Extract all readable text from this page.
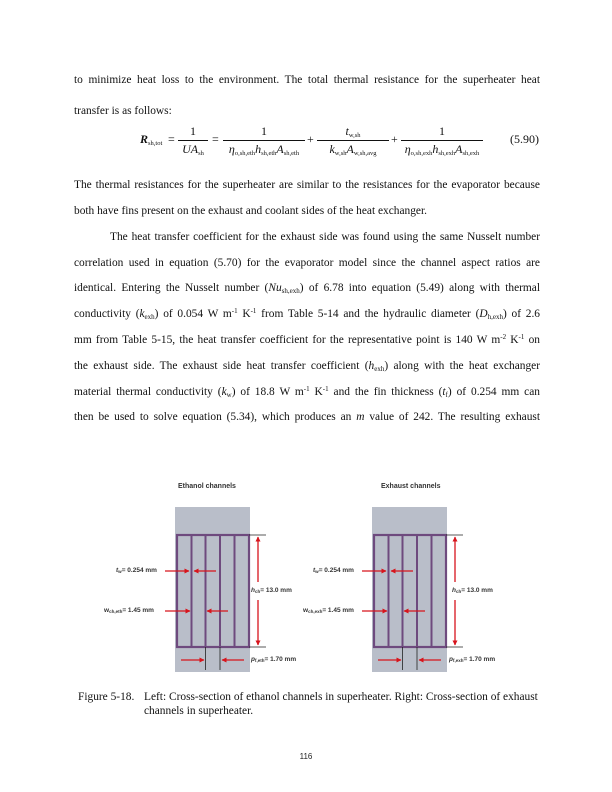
to minimize heat loss to the environment. The total thermal resistance for the superheater heat
transfer is as follows:
Rsh,tot =
1
UAsh
=
1
ηo,sh,ethhsh,ethAsh,eth
+
tw,sh
kw,shAw,sh,avg
+
1
ηo,sh,exhhsh,exhAsh,exh
(5.90)
The thermal resistances for the superheater are similar to the resistances for the evaporator because
both have fins present on the exhaust and coolant sides of the heat exchanger.
The heat transfer coefficient for the exhaust side was found using the same Nusselt number
correlation used in equation (5.70) for the evaporator model since the channel aspect ratios are
identical. Entering the Nusselt number $(Nu_{sh,exh})$ of 6.78 into equation (5.49) along with thermal
conductivity $(k_{exh})$ of 0.054 W $m^{-1}$ $K^{-1}$ from Table 5-14 and the hydraulic diameter $(D_{h,exh})$ of 2.6
mm from Table 5-15, the heat transfer coefficient for the representative point is 140 W $m^{-2}$ $K^{-1}$ on
the exhaust side. The exhaust side heat transfer coefficient $(h_{exh})$ along with the heat exchanger
material thermal conductivity $(k_w)$ of 18.8 W $m^{-1}$ $K^{-1}$ and the fin thickness $(t_f)$ of 0.254 mm can
then be used to solve equation (5.34), which produces an m value of 242. The resulting exhaust
Ethanol channels	Exhaust channels
$t_w= 0.254$ mm
$w_{ch,eth}= 1.45$ mm
$h_{ch}= 13.0$ mm
$p_{f,eth}= 1.70$ mm
$t_w= 0.254$ mm
$w_{ch,exh}= 1.45$ mm
$h_{ch}= 13.0$ mm
$p_{f,exh}= 1.70$ mm
Figure 5-18. Left: Cross-section of ethanol channels in superheater. Right: Cross-section of exhaust channels in superheater.
116
